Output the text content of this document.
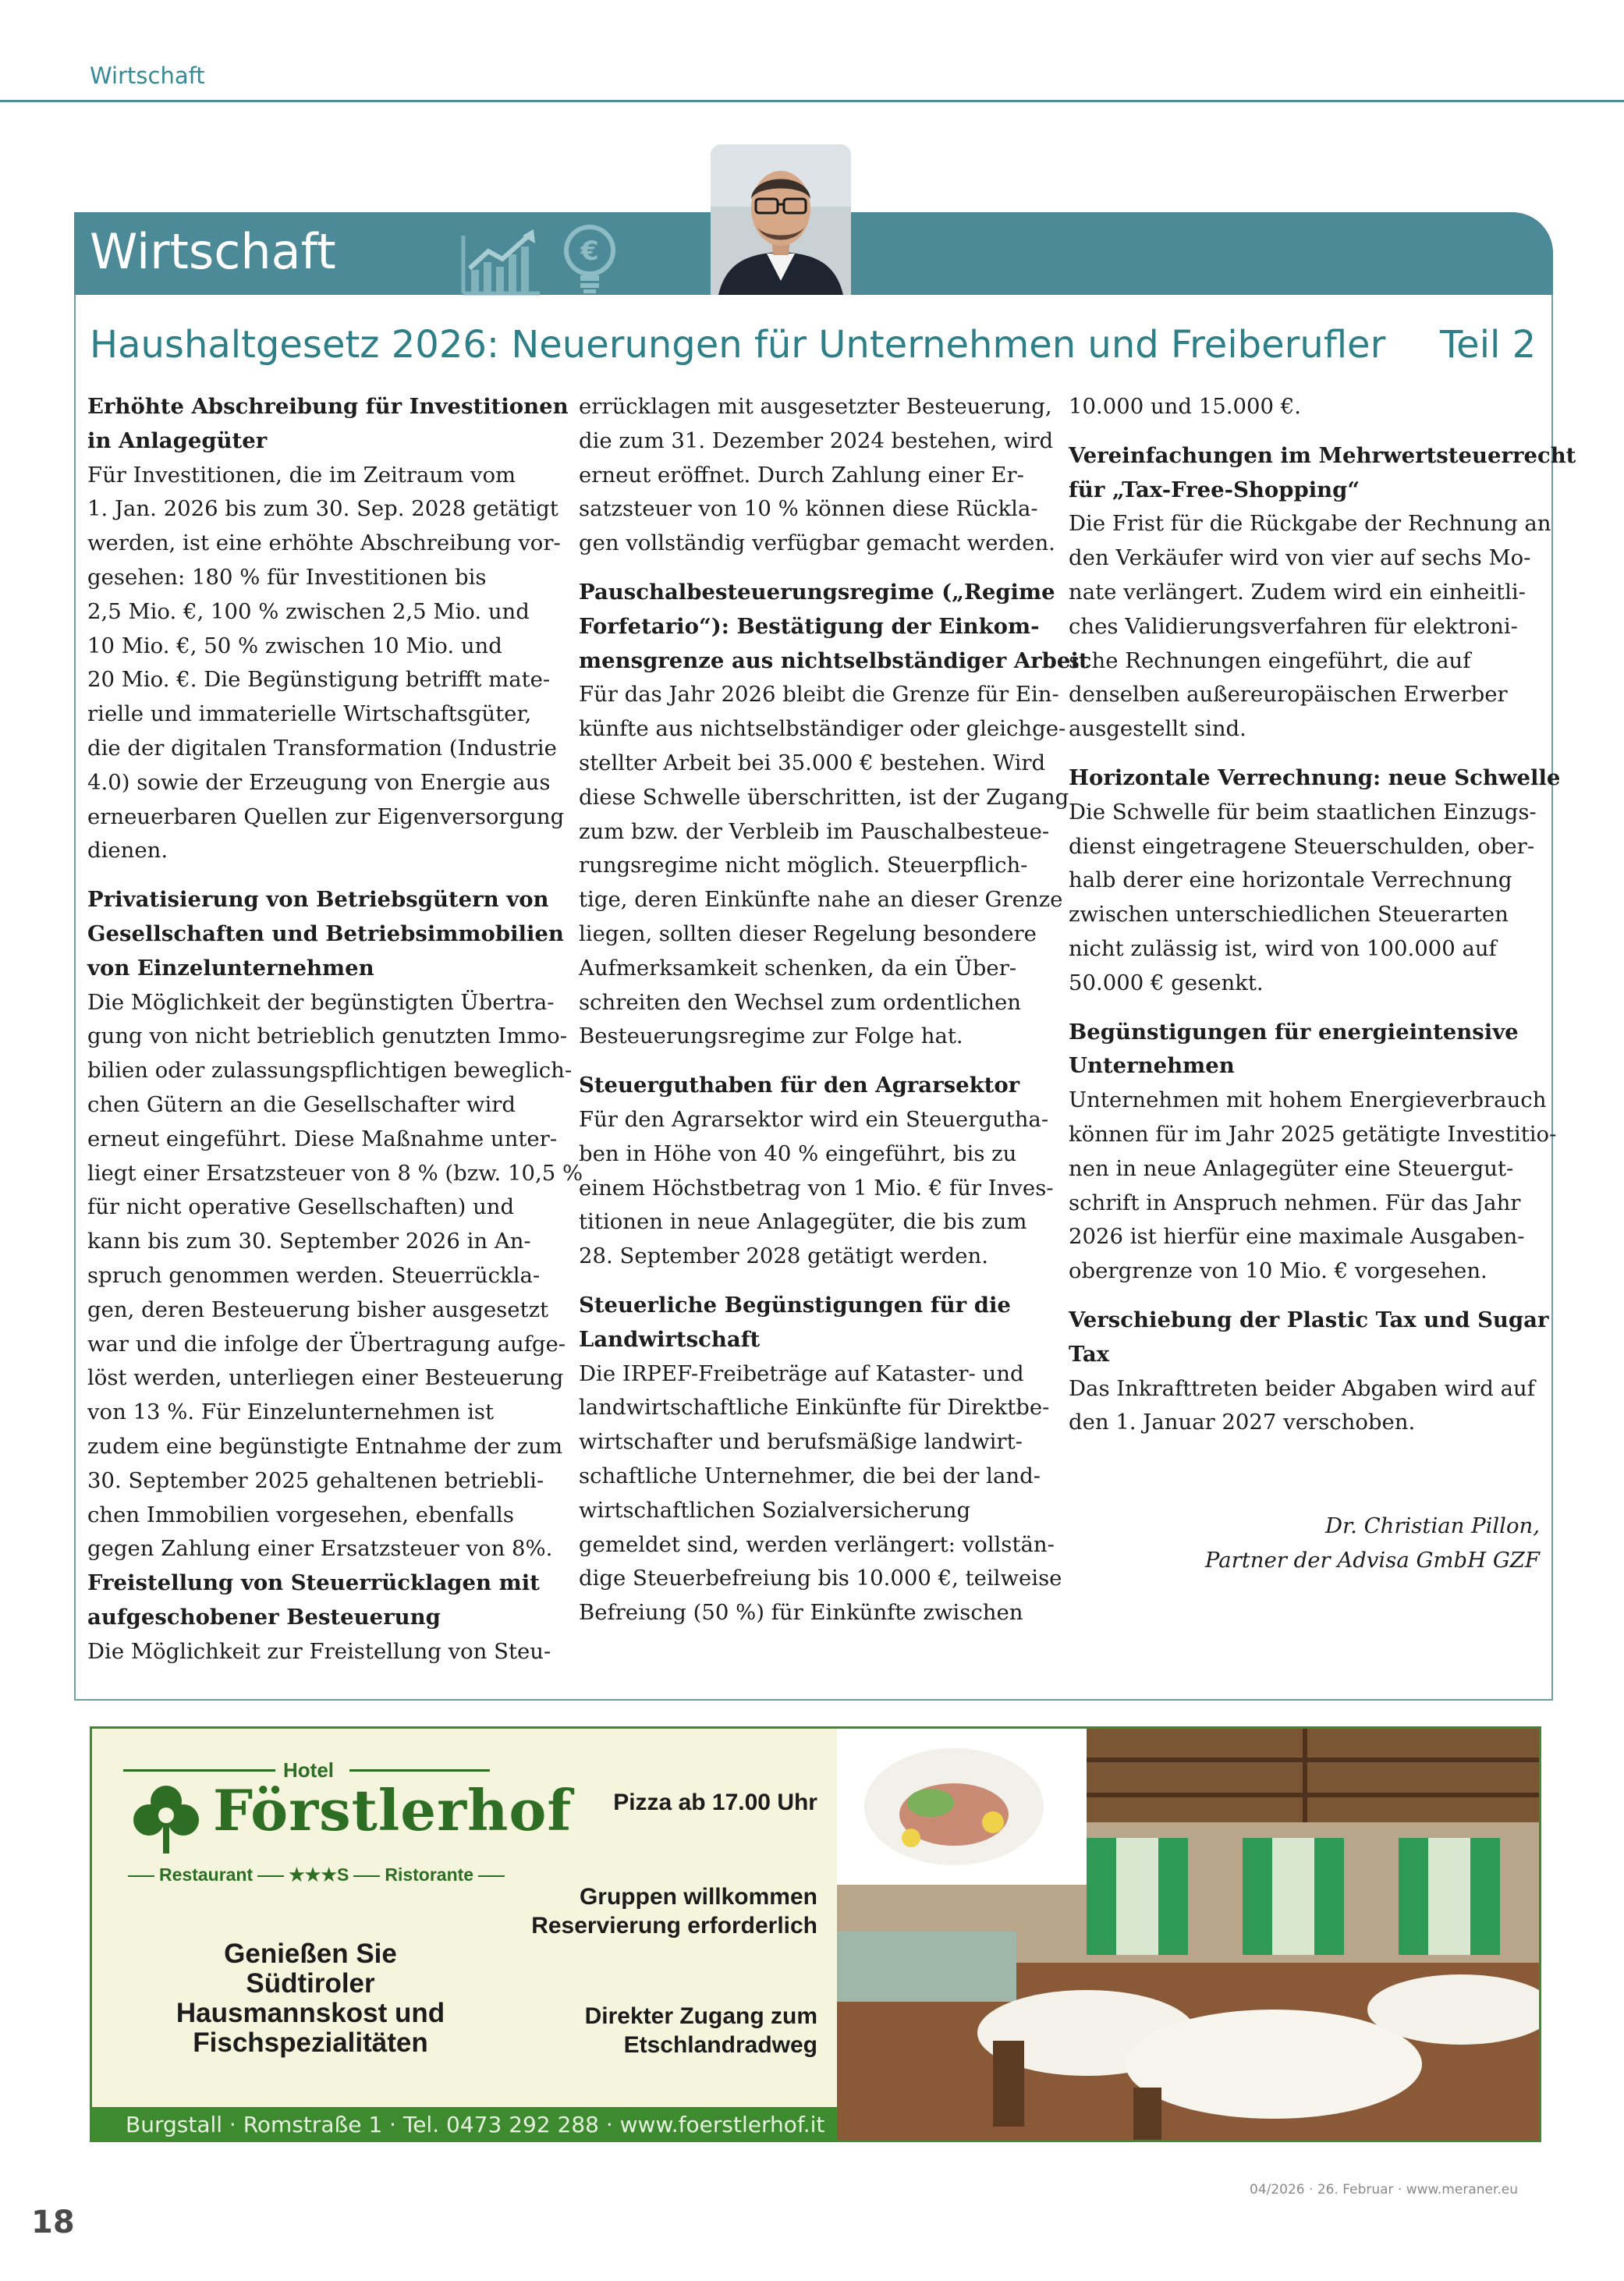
Wirtschaft
Wirtschaft	€
Haushaltgesetz 2026: Neuerungen für Unternehmen und Freiberufler Teil 2
Erhöhte Abschreibung für Investitionen
in Anlagegüter
Für Investitionen, die im Zeitraum vom
1. Jan. 2026 bis zum 30. Sep. 2028 getätigt
werden, ist eine erhöhte Abschreibung vor-
gesehen: 180 % für Investitionen bis
2,5 Mio. €, 100 % zwischen 2,5 Mio. und
10 Mio. €, 50 % zwischen 10 Mio. und
20 Mio. €. Die Begünstigung betrifft mate-
rielle und immaterielle Wirtschaftsgüter,
die der digitalen Transformation (Industrie
4.0) sowie der Erzeugung von Energie aus
erneuerbaren Quellen zur Eigenversorgung
dienen.
Privatisierung von Betriebsgütern von
Gesellschaften und Betriebsimmobilien
von Einzelunternehmen
Die Möglichkeit der begünstigten Übertra-
gung von nicht betrieblich genutzten Immo-
bilien oder zulassungspflichtigen beweglich-
chen Gütern an die Gesellschafter wird
erneut eingeführt. Diese Maßnahme unter-
liegt einer Ersatzsteuer von 8 % (bzw. 10,5 %
für nicht operative Gesellschaften) und
kann bis zum 30. September 2026 in An-
spruch genommen werden. Steuerrückla-
gen, deren Besteuerung bisher ausgesetzt
war und die infolge der Übertragung aufge-
löst werden, unterliegen einer Besteuerung
von 13 %. Für Einzelunternehmen ist
zudem eine begünstigte Entnahme der zum
30. September 2025 gehaltenen betriebli-
chen Immobilien vorgesehen, ebenfalls
gegen Zahlung einer Ersatzsteuer von 8%.
Freistellung von Steuerrücklagen mit
aufgeschobener Besteuerung
Die Möglichkeit zur Freistellung von Steu-
errücklagen mit ausgesetzter Besteuerung,
die zum 31. Dezember 2024 bestehen, wird
erneut eröffnet. Durch Zahlung einer Er-
satzsteuer von 10 % können diese Rückla-
gen vollständig verfügbar gemacht werden.
Pauschalbesteuerungsregime („Regime
Forfetario“): Bestätigung der Einkom-
mensgrenze aus nichtselbständiger Arbeit
Für das Jahr 2026 bleibt die Grenze für Ein-
künfte aus nichtselbständiger oder gleichge-
stellter Arbeit bei 35.000 € bestehen. Wird
diese Schwelle überschritten, ist der Zugang
zum bzw. der Verbleib im Pauschalbesteue-
rungsregime nicht möglich. Steuerpflich-
tige, deren Einkünfte nahe an dieser Grenze
liegen, sollten dieser Regelung besondere
Aufmerksamkeit schenken, da ein Über-
schreiten den Wechsel zum ordentlichen
Besteuerungsregime zur Folge hat.
Steuerguthaben für den Agrarsektor
Für den Agrarsektor wird ein Steuergutha-
ben in Höhe von 40 % eingeführt, bis zu
einem Höchstbetrag von 1 Mio. € für Inves-
titionen in neue Anlagegüter, die bis zum
28. September 2028 getätigt werden.
Steuerliche Begünstigungen für die
Landwirtschaft
Die IRPEF-Freibeträge auf Kataster- und
landwirtschaftliche Einkünfte für Direktbe-
wirtschafter und berufsmäßige landwirt-
schaftliche Unternehmer, die bei der land-
wirtschaftlichen Sozialversicherung
gemeldet sind, werden verlängert: vollstän-
dige Steuerbefreiung bis 10.000 €, teilweise
Befreiung (50 %) für Einkünfte zwischen
10.000 und 15.000 €.
Vereinfachungen im Mehrwertsteuerrecht
für „Tax-Free-Shopping“
Die Frist für die Rückgabe der Rechnung an
den Verkäufer wird von vier auf sechs Mo-
nate verlängert. Zudem wird ein einheitli-
ches Validierungsverfahren für elektroni-
sche Rechnungen eingeführt, die auf
denselben außereuropäischen Erwerber
ausgestellt sind.
Horizontale Verrechnung: neue Schwelle
Die Schwelle für beim staatlichen Einzugs-
dienst eingetragene Steuerschulden, ober-
halb derer eine horizontale Verrechnung
zwischen unterschiedlichen Steuerarten
nicht zulässig ist, wird von 100.000 auf
50.000 € gesenkt.
Begünstigungen für energieintensive
Unternehmen
Unternehmen mit hohem Energieverbrauch
können für im Jahr 2025 getätigte Investitio-
nen in neue Anlagegüter eine Steuergut-
schrift in Anspruch nehmen. Für das Jahr
2026 ist hierfür eine maximale Ausgaben-
obergrenze von 10 Mio. € vorgesehen.
Verschiebung der Plastic Tax und Sugar
Tax
Das Inkrafttreten beider Abgaben wird auf
den 1. Januar 2027 verschoben.
Dr. Christian Pillon,
Partner der Advisa GmbH GZF
Hotel
Förstlerhof
Restaurant ★★★S Ristorante
Genießen Sie
Südtiroler
Hausmannskost und
Fischspezialitäten
Pizza ab 17.00 Uhr
Gruppen willkommen
Reservierung erforderlich
Direkter Zugang zum
Etschlandradweg
Burgstall · Romstraße 1 · Tel. 0473 292 288 · www.foerstlerhof.it
18
04/2026 · 26. Februar · www.meraner.eu
